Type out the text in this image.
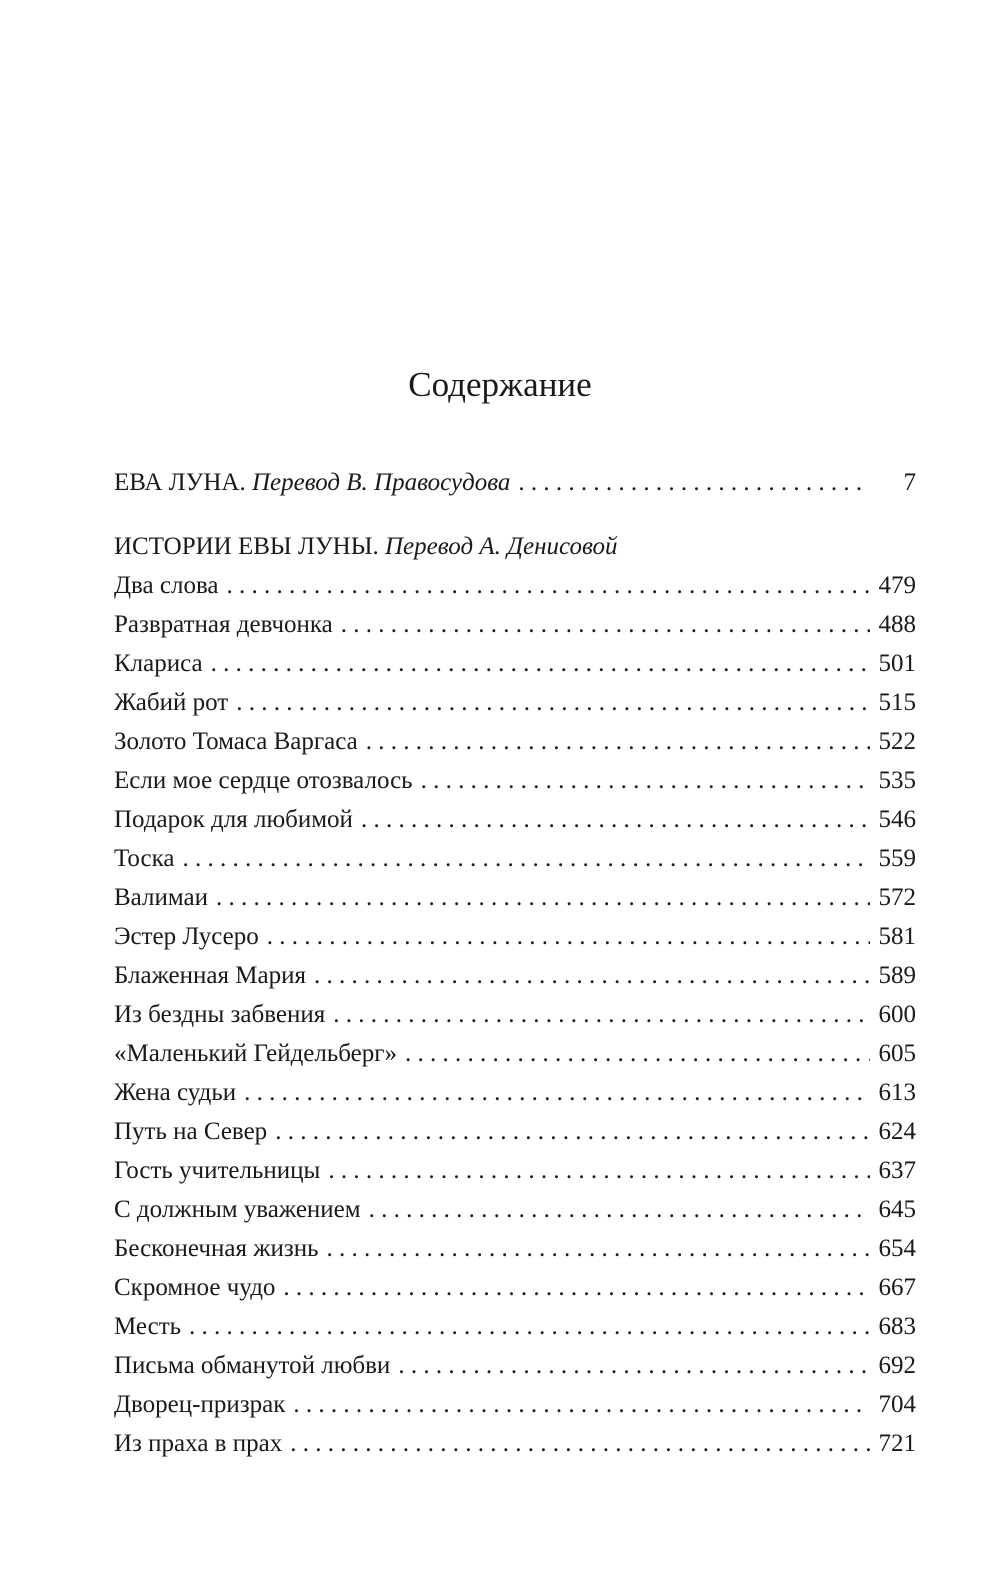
Содержание
ЕВА ЛУНА. Перевод В. Правосудова . . .	7
ИСТОРИИ ЕВЫ ЛУНЫ. Перевод А. Денисовой
Два слова . . .	479
Развратная девчонка . . .	488
Клариса . . .	501
Жабий рот . . .	515
Золото Томаса Варгаса . . .	522
Если мое сердце отозвалось . . .	535
Подарок для любимой . . .	546
Тоска . . .	559
Валимаи . . .	572
Эстер Лусеро . . .	581
Блаженная Мария . . .	589
Из бездны забвения . . .	600
«Маленький Гейдельберг» . . .	605
Жена судьи . . .	613
Путь на Север . . .	624
Гость учительницы . . .	637
С должным уважением . . .	645
Бесконечная жизнь . . .	654
Скромное чудо . . .	667
Месть . . .	683
Письма обманутой любви . . .	692
Дворец-призрак . . .	704
Из праха в прах . . .	721
